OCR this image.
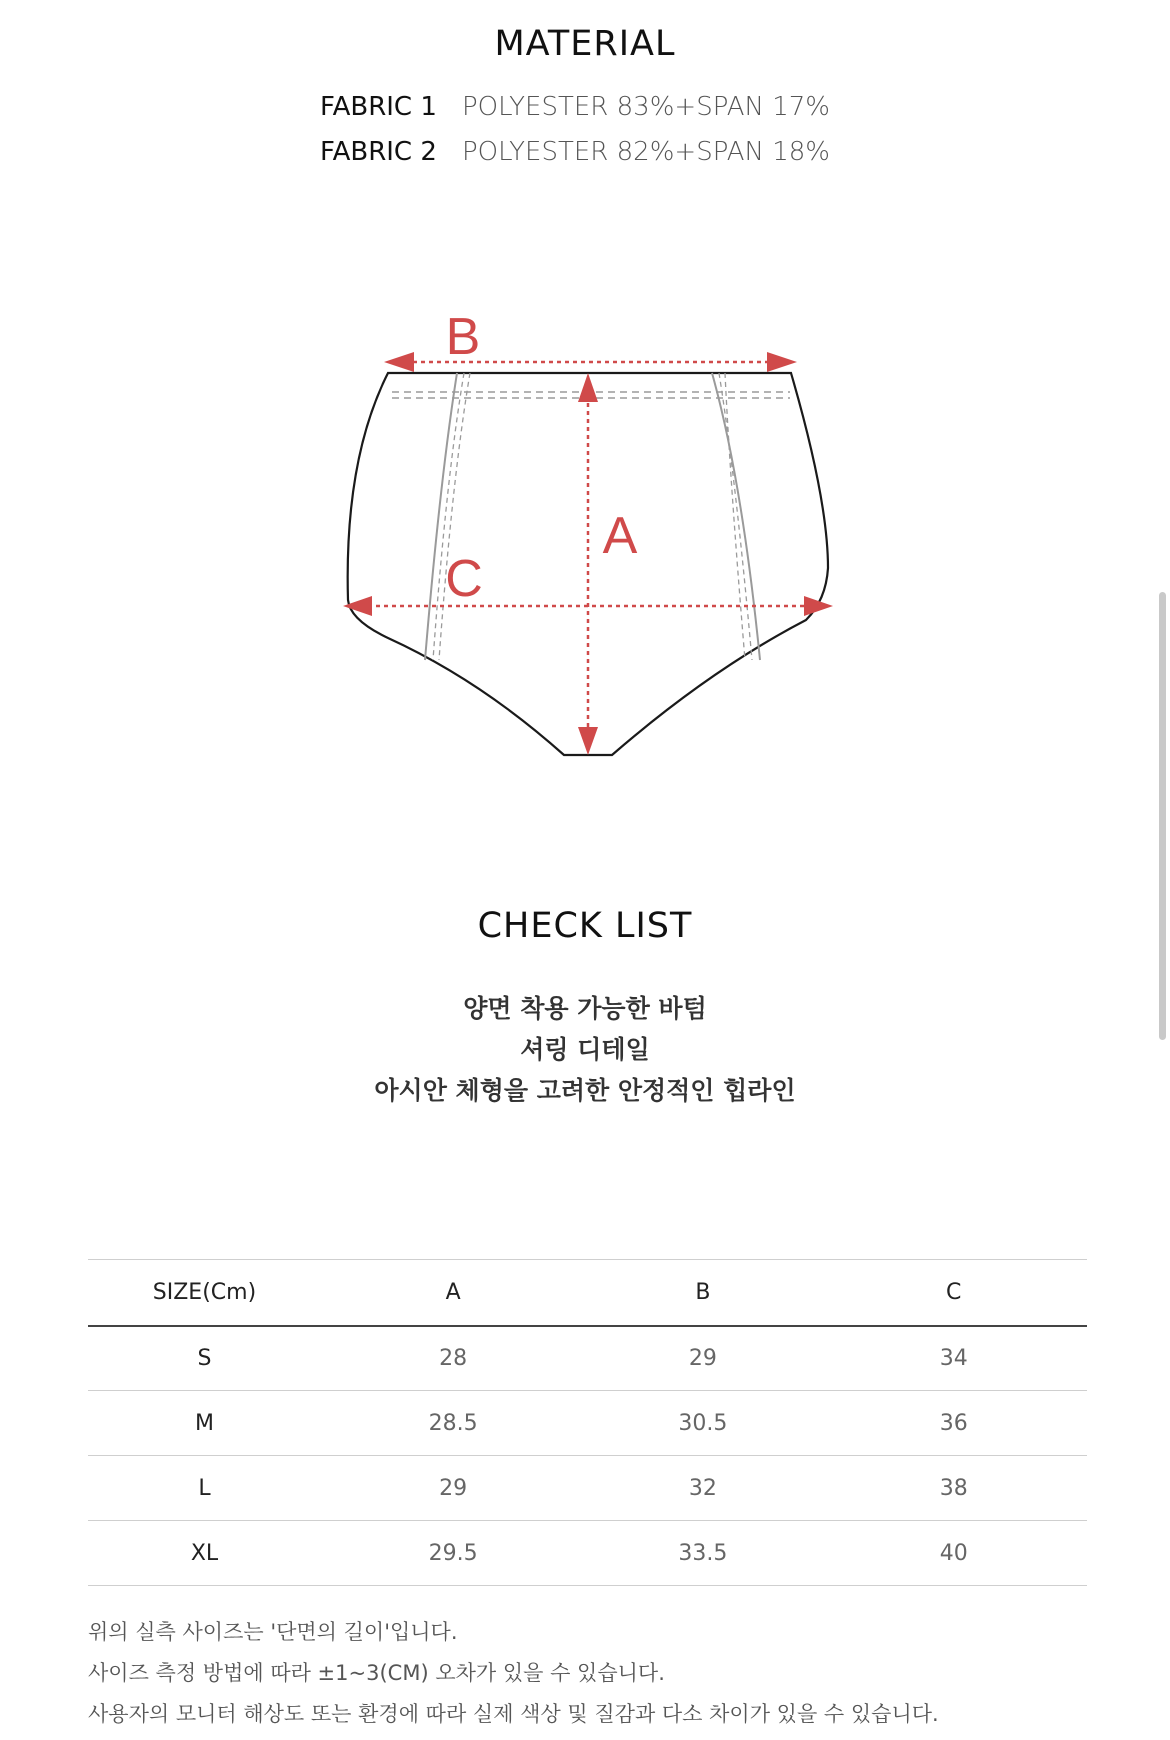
MATERIAL
FABRIC 1 POLYESTER 83%+SPAN 17%
FABRIC 2 POLYESTER 82%+SPAN 18%
B
A
C
CHECK LIST
양면 착용 가능한 바텀
셔링 디테일
아시안 체형을 고려한 안정적인 힙라인
SIZE(Cm)	A	B	C
S	28	29	34
M	28.5	30.5	36
L	29	32	38
XL	29.5	33.5	40
위의 실측 사이즈는 '단면의 길이'입니다.
사이즈 측정 방법에 따라 ±1~3(CM) 오차가 있을 수 있습니다.
사용자의 모니터 해상도 또는 환경에 따라 실제 색상 및 질감과 다소 차이가 있을 수 있습니다.
